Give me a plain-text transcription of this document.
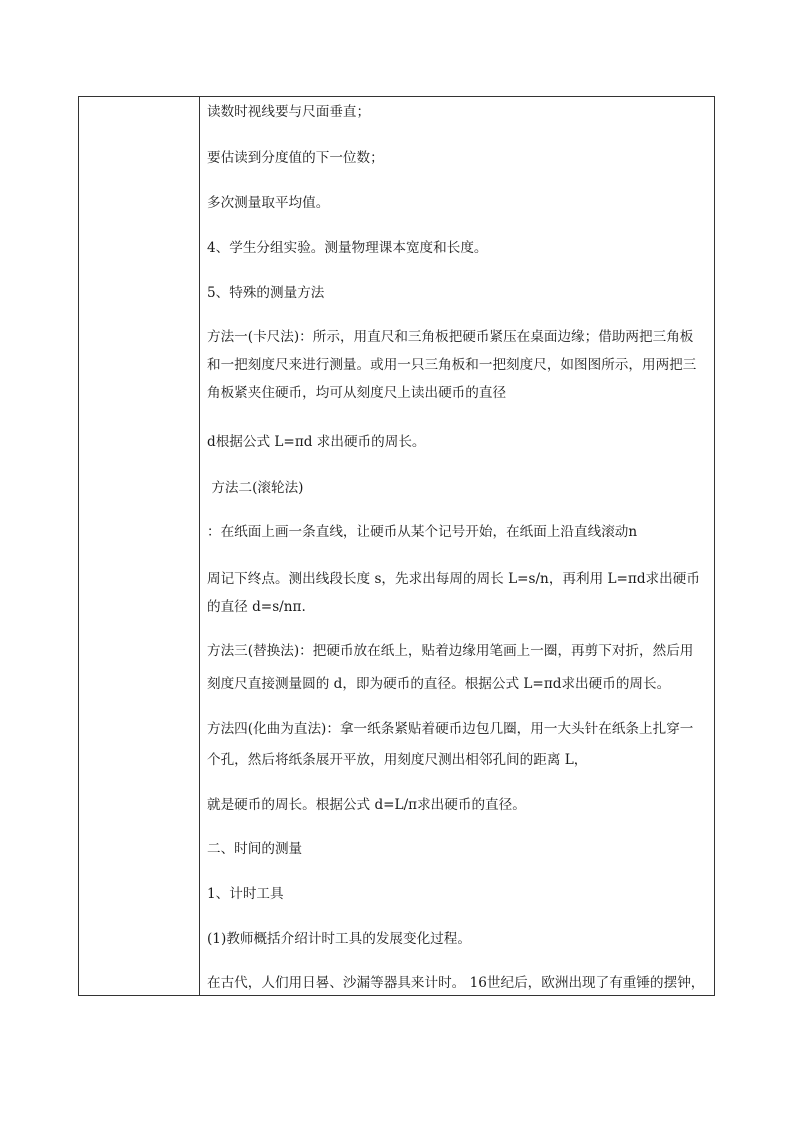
读数时视线要与尺面垂直；

要估读到分度值的下一位数；

多次测量取平均值。

4、学生分组实验。测量物理课本宽度和长度。

5、特殊的测量方法

方法一(卡尺法)：所示，用直尺和三角板把硬币紧压在桌面边缘；借助两把三角板

和一把刻度尺来进行测量。或用一只三角板和一把刻度尺，如图图所示，用两把三

角板紧夹住硬币，均可从刻度尺上读出硬币的直径

d根据公式 L=πd 求出硬币的周长。

方法二(滚轮法)

：在纸面上画一条直线，让硬币从某个记号开始，在纸面上沿直线滚动n

周记下终点。测出线段长度 s，先求出每周的周长 L=s/n，再利用 L=πd求出硬币

的直径 d=s/nπ.

方法三(替换法)：把硬币放在纸上，贴着边缘用笔画上一圈，再剪下对折，然后用

刻度尺直接测量圆的 d，即为硬币的直径。根据公式 L=πd求出硬币的周长。

方法四(化曲为直法)：拿一纸条紧贴着硬币边包几圈，用一大头针在纸条上扎穿一

个孔，然后将纸条展开平放，用刻度尺测出相邻孔间的距离 L，

就是硬币的周长。根据公式 d=L/π求出硬币的直径。

二、时间的测量

1、计时工具

(1)教师概括介绍计时工具的发展变化过程。

在古代，人们用日晷、沙漏等器具来计时。 16世纪后，欧洲出现了有重锤的摆钟，
